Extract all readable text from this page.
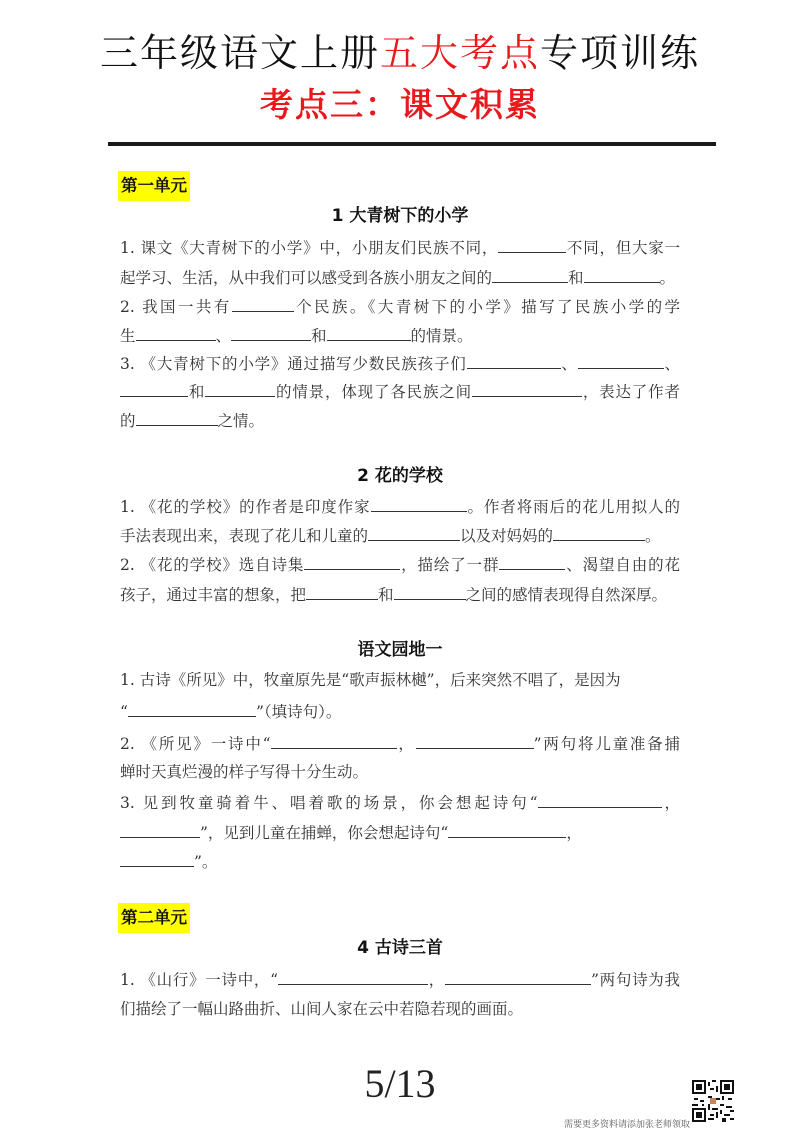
三年级语文上册五大考点专项训练
考点三：课文积累
第一单元
1 大青树下的小学
1. 课文《大青树下的小学》中，小朋友们民族不同，	不同，但大家一
起学习、生活，从中我们可以感受到各族小朋友之间的	和	。
2. 我国一共有	个民族。《大青树下的小学》描写了民族小学的学
生	、	和	的情景。
3. 《大青树下的小学》通过描写少数民族孩子们	、	、
和	的情景，体现了各民族之间	，表达了作者
的	之情。
2 花的学校
1. 《花的学校》的作者是印度作家	。作者将雨后的花儿用拟人的
手法表现出来，表现了花儿和儿童的	以及对妈妈的	。
2. 《花的学校》选自诗集	，描绘了一群	、渴望自由的花
孩子，通过丰富的想象，把	和	之间的感情表现得自然深厚。
语文园地一
1. 古诗《所见》中，牧童原先是“歌声振林樾”，后来突然不唱了，是因为
“	”（填诗句）。
2. 《所见》一诗中“	，	”两句将儿童准备捕
蝉时天真烂漫的样子写得十分生动。
3. 见到牧童骑着牛、唱着歌的场景，你会想起诗句“	，
”，见到儿童在捕蝉，你会想起诗句“	，
”。
第二单元
4 古诗三首
1. 《山行》一诗中，“	，	”两句诗为我
们描绘了一幅山路曲折、山间人家在云中若隐若现的画面。
5/13
需要更多资料请添加张老师领取
